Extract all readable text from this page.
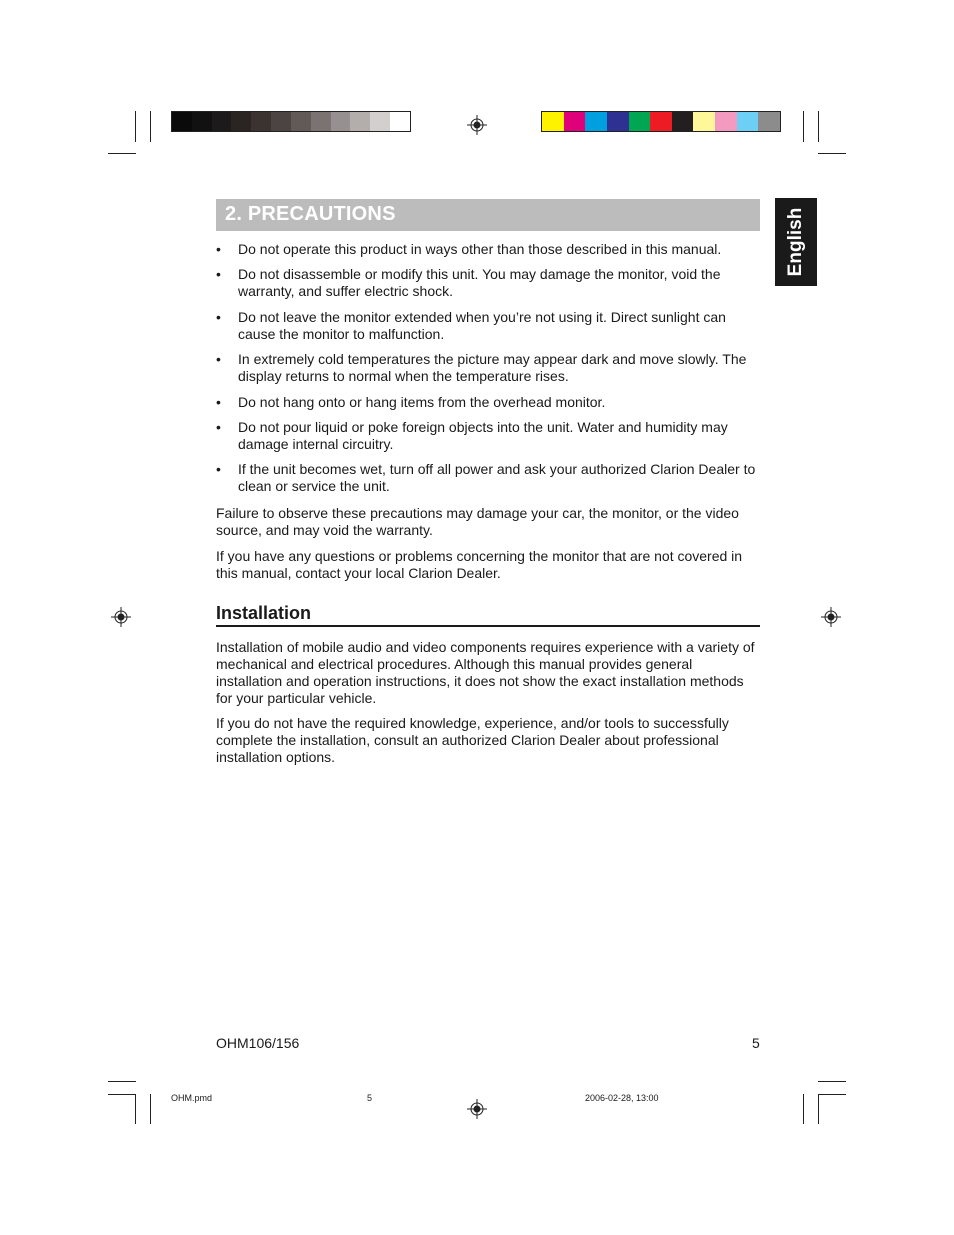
2. PRECAUTIONS	English
• Do not operate this product in ways other than those described in this manual.
• Do not disassemble or modify this unit. You may damage the monitor, void the warranty, and suffer electric shock.
• Do not leave the monitor extended when you’re not using it. Direct sunlight can cause the monitor to malfunction.
• In extremely cold temperatures the picture may appear dark and move slowly. The display returns to normal when the temperature rises.
• Do not hang onto or hang items from the overhead monitor.
• Do not pour liquid or poke foreign objects into the unit. Water and humidity may damage internal circuitry.
• If the unit becomes wet, turn off all power and ask your authorized Clarion Dealer to clean or service the unit.

Failure to observe these precautions may damage your car, the monitor, or the video source, and may void the warranty.

If you have any questions or problems concerning the monitor that are not covered in this manual, contact your local Clarion Dealer.

Installation

Installation of mobile audio and video components requires experience with a variety of mechanical and electrical procedures. Although this manual provides general installation and operation instructions, it does not show the exact installation methods for your particular vehicle.

If you do not have the required knowledge, experience, and/or tools to successfully complete the installation, consult an authorized Clarion Dealer about professional installation options.

OHM106/156	5
OHM.pmd	5	2006-02-28, 13:00
